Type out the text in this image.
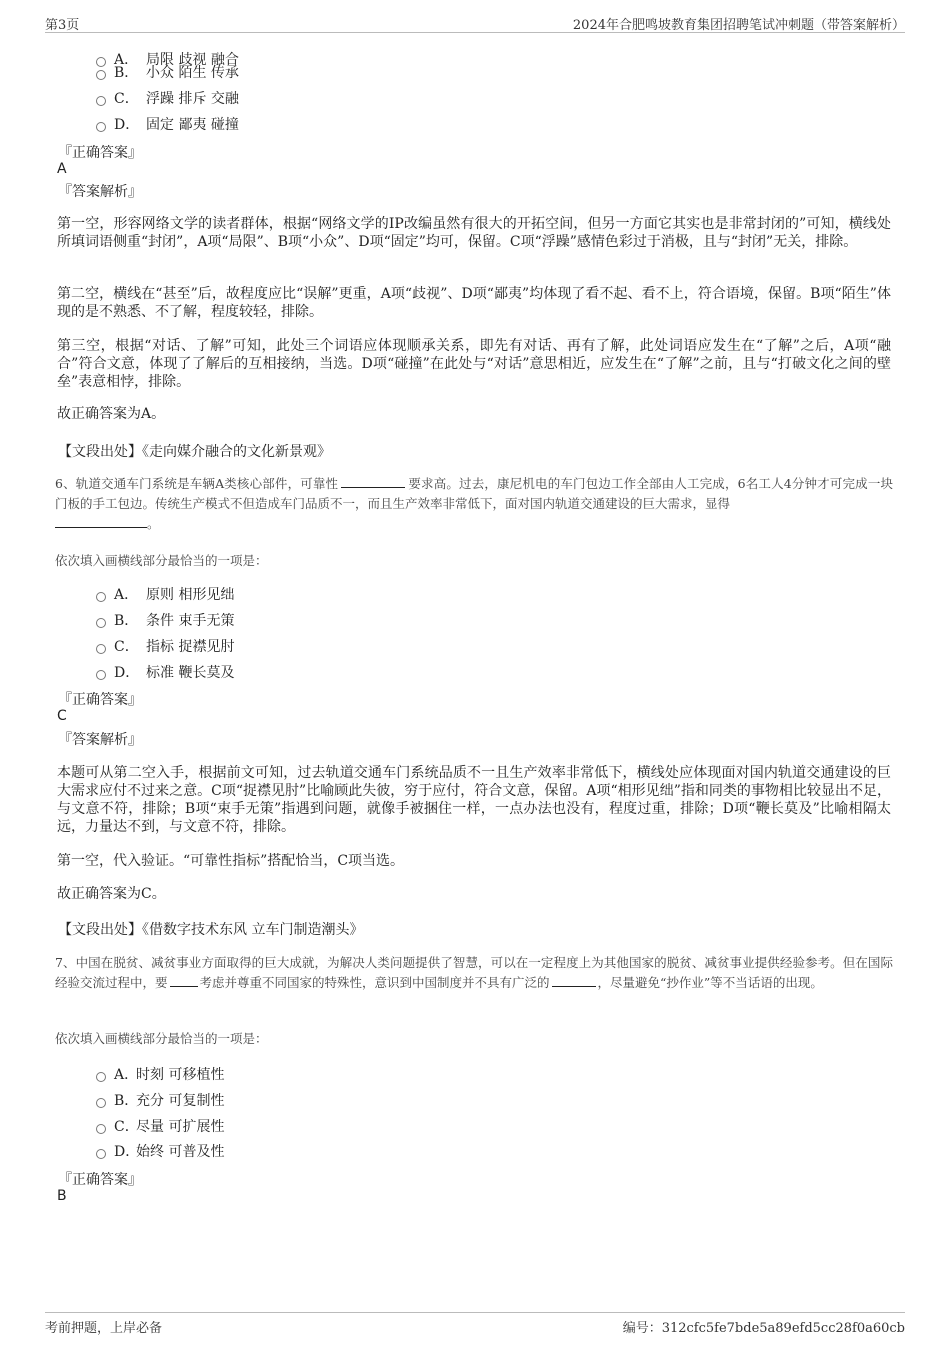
第3页	2024年合肥鸣坡教育集团招聘笔试冲刺题（带答案解析）
A． 局限 歧视 融合
B． 小众 陌生 传承
C． 浮躁 排斥 交融
D． 固定 鄙夷 碰撞
『正确答案』
A
『答案解析』
第一空，形容网络文学的读者群体，根据“网络文学的IP改编虽然有很大的开拓空间，但另一方面它其实也是非常封闭的”可知，横线处所填词语侧重“封闭”，A项“局限”、B项“小众”、D项“固定”均可，保留。C项“浮躁”感情色彩过于消极，且与“封闭”无关，排除。
第二空，横线在“甚至”后，故程度应比“误解”更重，A项“歧视”、D项“鄙夷”均体现了看不起、看不上，符合语境，保留。B项“陌生”体现的是不熟悉、不了解，程度较轻，排除。
第三空，根据“对话、了解”可知，此处三个词语应体现顺承关系，即先有对话、再有了解，此处词语应发生在“了解”之后，A项“融合”符合文意，体现了了解后的互相接纳，当选。D项“碰撞”在此处与“对话”意思相近，应发生在“了解”之前，且与“打破文化之间的壁垒”表意相悖，排除。
故正确答案为A。
【文段出处】《走向媒介融合的文化新景观》
6、轨道交通车门系统是车辆A类核心部件，可靠性	要求高。过去，康尼机电的车门包边工作全部由人工完成，6名工人4分钟才可完成一块门板的手工包边。传统生产模式不但造成车门品质不一，而且生产效率非常低下，面对国内轨道交通建设的巨大需求，显得
。
依次填入画横线部分最恰当的一项是：
A． 原则 相形见绌
B． 条件 束手无策
C． 指标 捉襟见肘
D． 标准 鞭长莫及
『正确答案』
C
『答案解析』
本题可从第二空入手，根据前文可知，过去轨道交通车门系统品质不一且生产效率非常低下，横线处应体现面对国内轨道交通建设的巨大需求应付不过来之意。C项“捉襟见肘”比喻顾此失彼，穷于应付，符合文意，保留。A项“相形见绌”指和同类的事物相比较显出不足，与文意不符，排除；B项“束手无策”指遇到问题，就像手被捆住一样，一点办法也没有，程度过重，排除；D项“鞭长莫及”比喻相隔太远，力量达不到，与文意不符，排除。
第一空，代入验证。“可靠性指标”搭配恰当，C项当选。
故正确答案为C。
【文段出处】《借数字技术东风 立车门制造潮头》
7、中国在脱贫、减贫事业方面取得的巨大成就，为解决人类问题提供了智慧，可以在一定程度上为其他国家的脱贫、减贫事业提供经验参考。但在国际经验交流过程中，要	考虑并尊重不同国家的特殊性，意识到中国制度并不具有广泛的	，尽量避免“抄作业”等不当话语的出现。
依次填入画横线部分最恰当的一项是：
A．时刻 可移植性
B．充分 可复制性
C．尽量 可扩展性
D．始终 可普及性
『正确答案』
B
考前押题，上岸必备	编号：312cfc5fe7bde5a89efd5cc28f0a60cb
